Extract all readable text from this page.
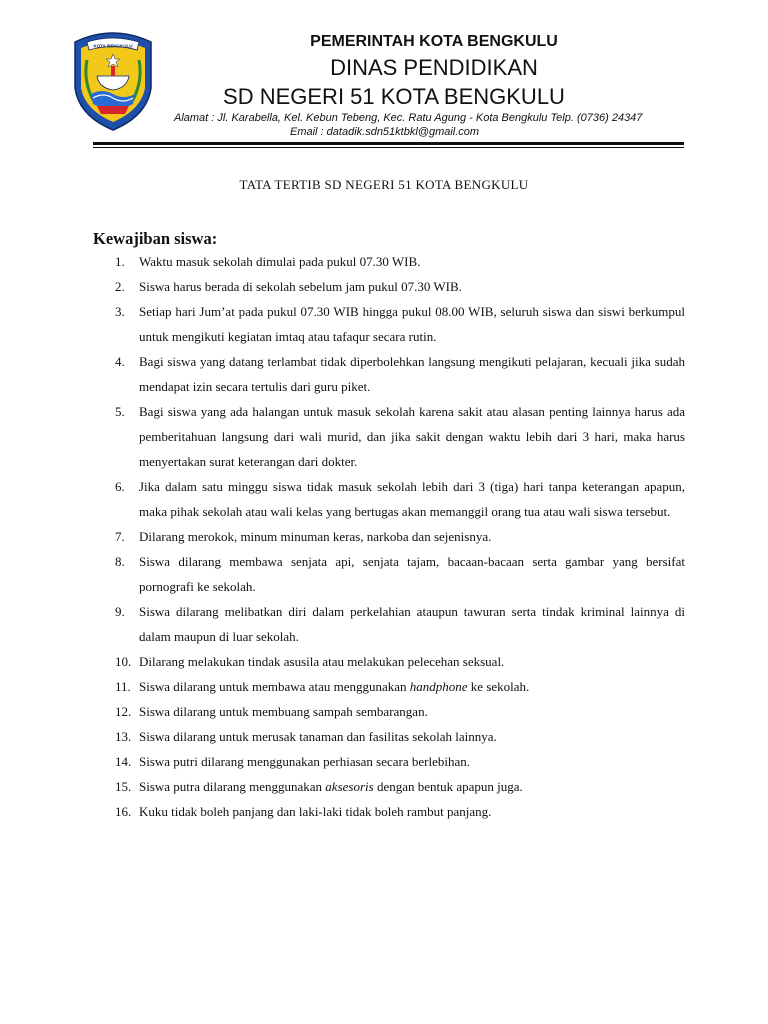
KOTA BENGKULU	PEMERINTAH KOTA BENGKULU
DINAS PENDIDIKAN
SD NEGERI 51 KOTA BENGKULU
Alamat : Jl. Karabella, Kel. Kebun Tebeng, Kec. Ratu Agung - Kota Bengkulu Telp. (0736) 24347
Email : datadik.sdn51ktbkl@gmail.com
TATA TERTIB SD NEGERI 51 KOTA BENGKULU
Kewajiban siswa:
1.	Waktu masuk sekolah dimulai pada pukul 07.30 WIB.
2.	Siswa harus berada di sekolah sebelum jam pukul 07.30 WIB.
3.	Setiap hari Jum’at pada pukul 07.30 WIB hingga pukul 08.00 WIB, seluruh siswa dan siswi berkumpul untuk mengikuti kegiatan imtaq atau tafaqur secara rutin.
4.	Bagi siswa yang datang terlambat tidak diperbolehkan langsung mengikuti pelajaran, kecuali jika sudah mendapat izin secara tertulis dari guru piket.
5.	Bagi siswa yang ada halangan untuk masuk sekolah karena sakit atau alasan penting lainnya harus ada pemberitahuan langsung dari wali murid, dan jika sakit dengan waktu lebih dari 3 hari, maka harus menyertakan surat keterangan dari dokter.
6.	Jika dalam satu minggu siswa tidak masuk sekolah lebih dari 3 (tiga) hari tanpa keterangan apapun, maka pihak sekolah atau wali kelas yang bertugas akan memanggil orang tua atau wali siswa tersebut.
7.	Dilarang merokok, minum minuman keras, narkoba dan sejenisnya.
8.	Siswa dilarang membawa senjata api, senjata tajam, bacaan-bacaan serta gambar yang bersifat pornografi ke sekolah.
9.	Siswa dilarang melibatkan diri dalam perkelahian ataupun tawuran serta tindak kriminal lainnya di dalam maupun di luar sekolah.
10. Dilarang melakukan tindak asusila atau melakukan pelecehan seksual.
11. Siswa dilarang untuk membawa atau menggunakan handphone ke sekolah.
12. Siswa dilarang untuk membuang sampah sembarangan.
13. Siswa dilarang untuk merusak tanaman dan fasilitas sekolah lainnya.
14. Siswa putri dilarang menggunakan perhiasan secara berlebihan.
15. Siswa putra dilarang menggunakan aksesoris dengan bentuk apapun juga.
16. Kuku tidak boleh panjang dan laki-laki tidak boleh rambut panjang.
